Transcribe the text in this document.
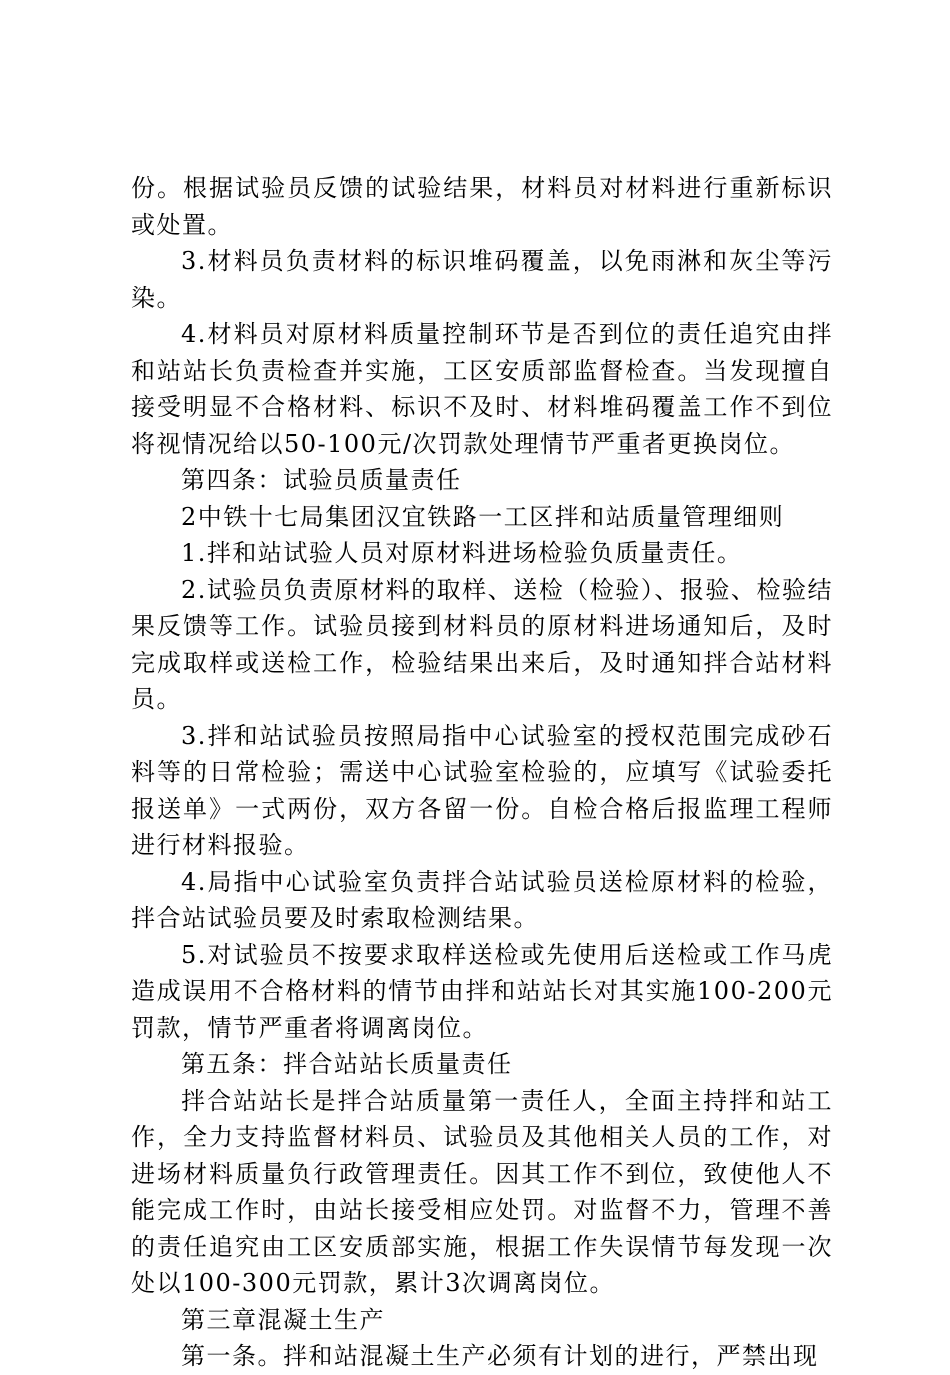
份。根据试验员反馈的试验结果，材料员对材料进行重新标识或处置。

3.材料员负责材料的标识堆码覆盖，以免雨淋和灰尘等污染。

4.材料员对原材料质量控制环节是否到位的责任追究由拌和站站长负责检查并实施，工区安质部监督检查。当发现擅自接受明显不合格材料、标识不及时、材料堆码覆盖工作不到位将视情况给以50-100元/次罚款处理情节严重者更换岗位。

第四条：试验员质量责任

2中铁十七局集团汉宜铁路一工区拌和站质量管理细则

1.拌和站试验人员对原材料进场检验负质量责任。

2.试验员负责原材料的取样、送检（检验）、报验、检验结果反馈等工作。试验员接到材料员的原材料进场通知后，及时完成取样或送检工作，检验结果出来后，及时通知拌合站材料员。

3.拌和站试验员按照局指中心试验室的授权范围完成砂石料等的日常检验；需送中心试验室检验的，应填写《试验委托报送单》一式两份，双方各留一份。自检合格后报监理工程师进行材料报验。

4.局指中心试验室负责拌合站试验员送检原材料的检验，拌合站试验员要及时索取检测结果。

5.对试验员不按要求取样送检或先使用后送检或工作马虎造成误用不合格材料的情节由拌和站站长对其实施100-200元罚款，情节严重者将调离岗位。

第五条：拌合站站长质量责任

拌合站站长是拌合站质量第一责任人，全面主持拌和站工作，全力支持监督材料员、试验员及其他相关人员的工作，对进场材料质量负行政管理责任。因其工作不到位，致使他人不能完成工作时，由站长接受相应处罚。对监督不力，管理不善的责任追究由工区安质部实施，根据工作失误情节每发现一次处以100-300元罚款，累计3次调离岗位。

第三章混凝土生产

第一条。拌和站混凝土生产必须有计划的进行，严禁出现
